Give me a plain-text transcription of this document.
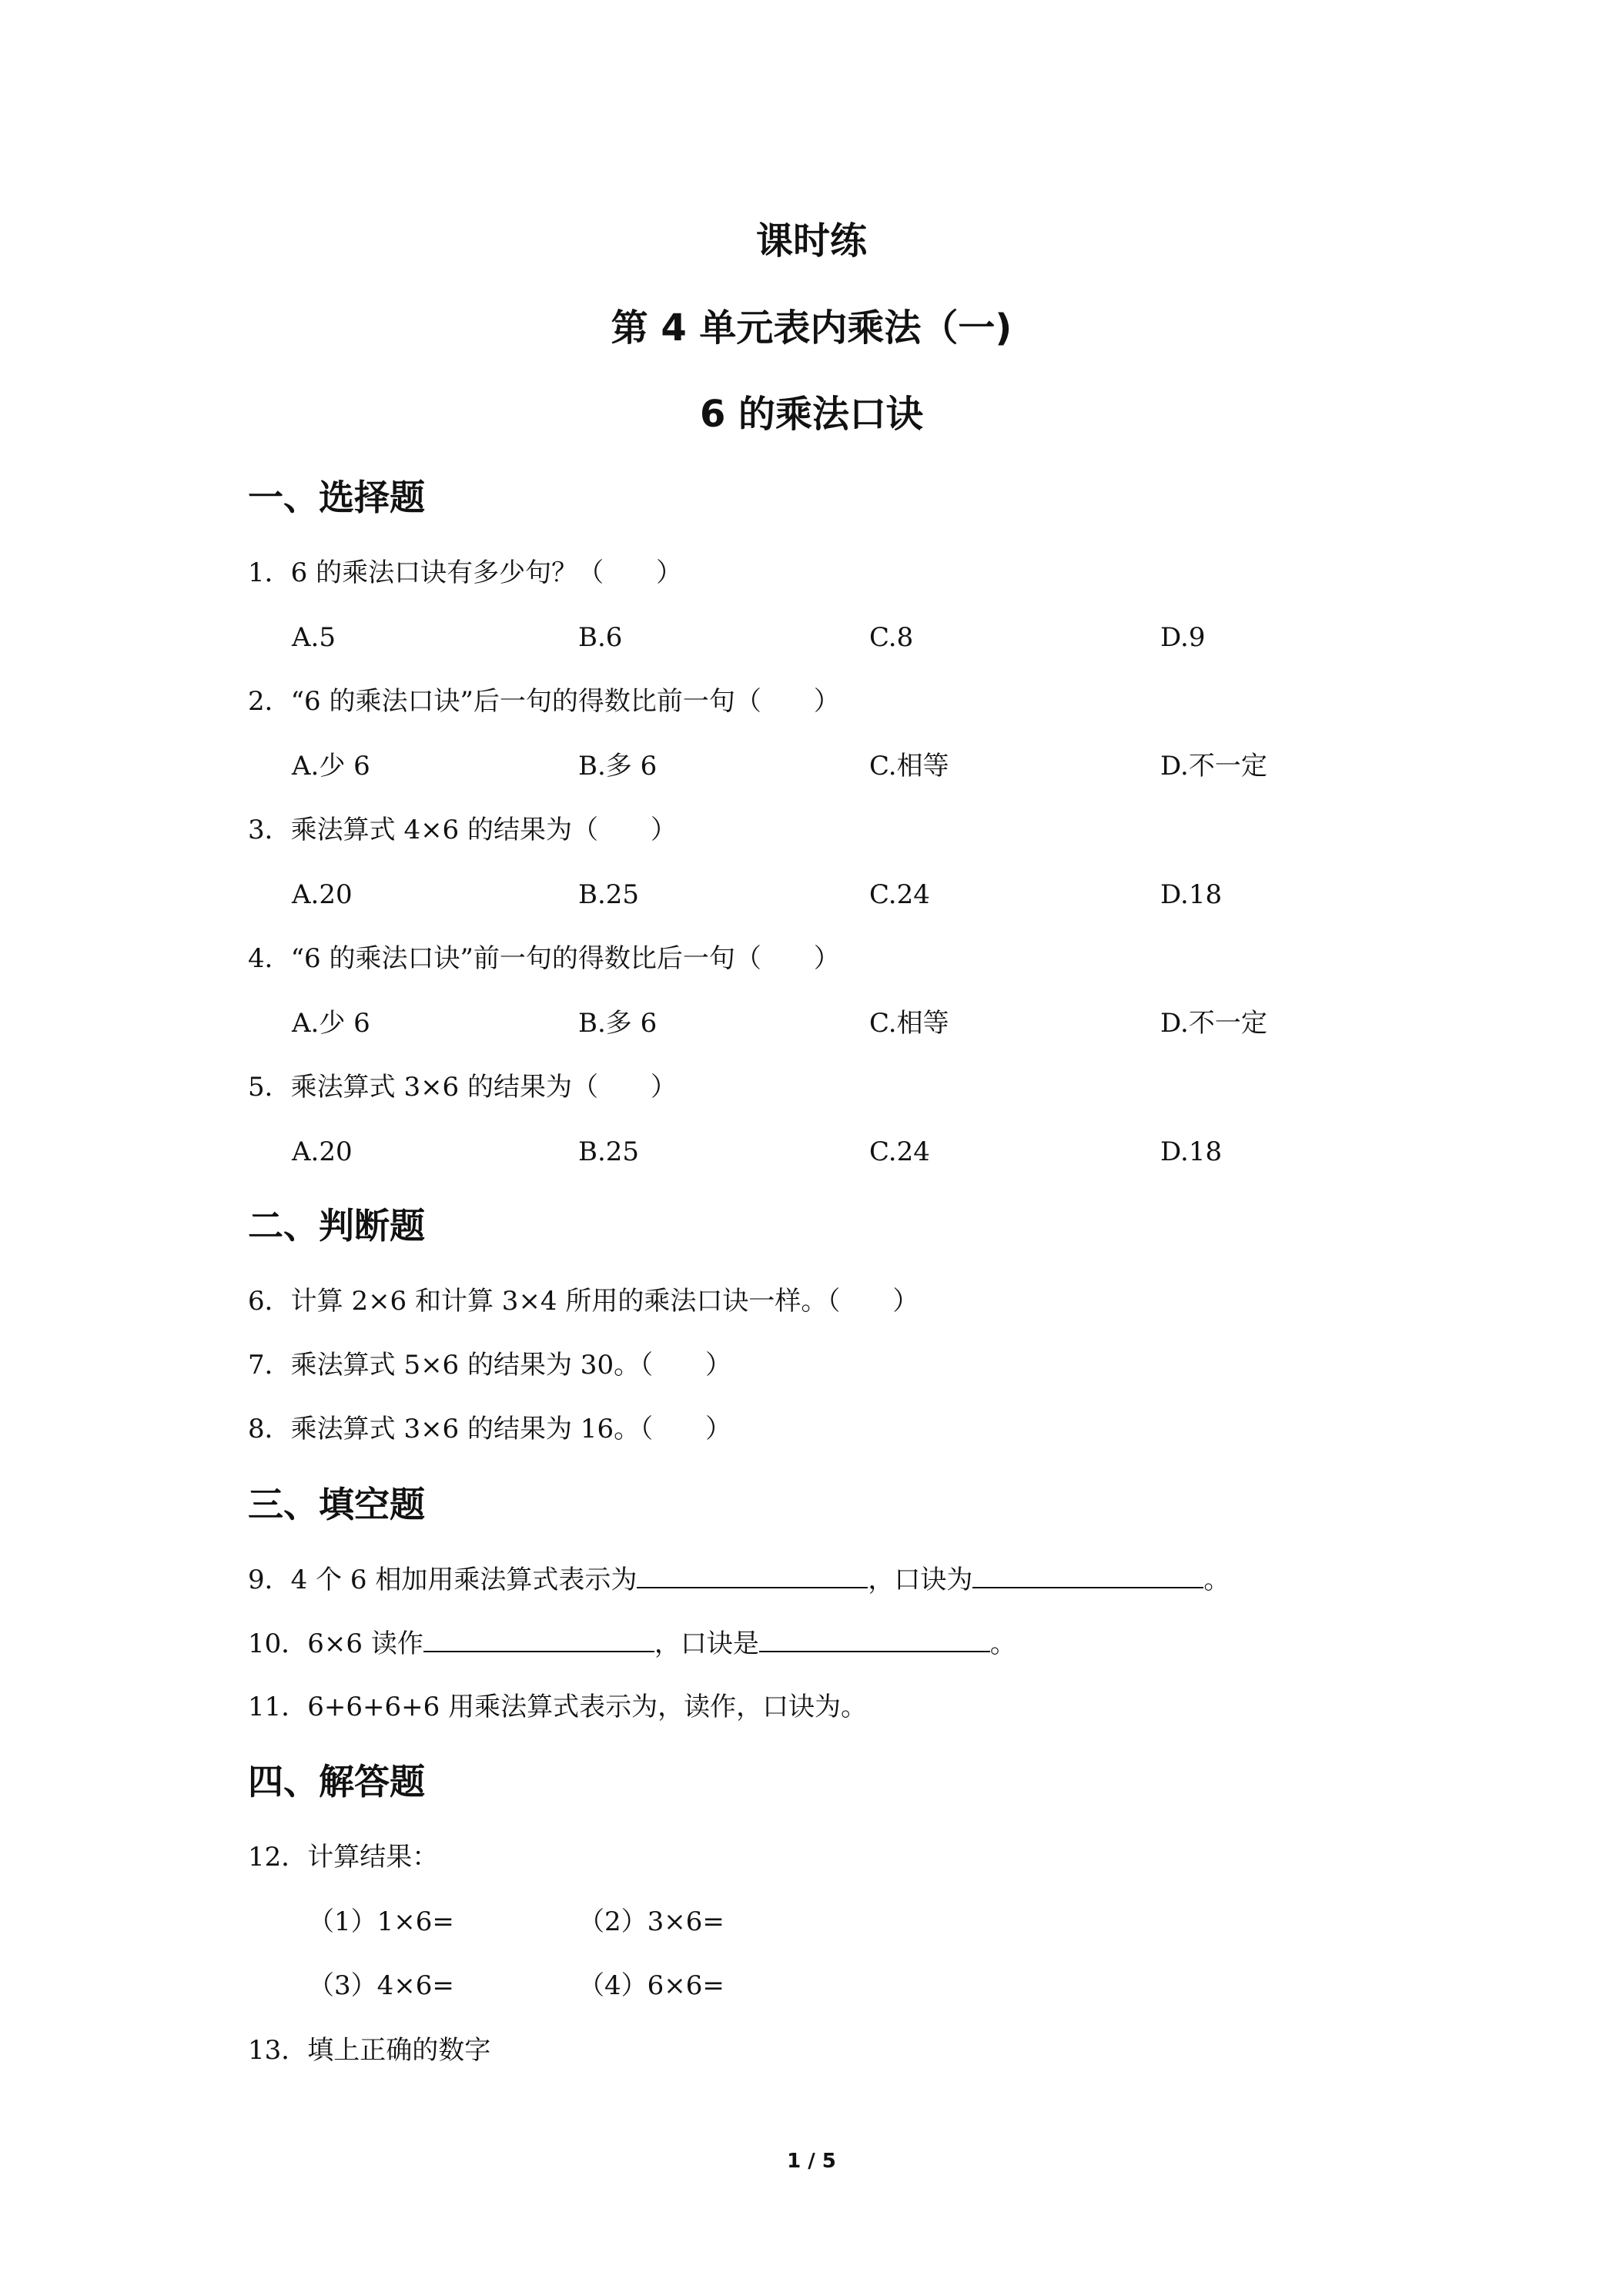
课时练
第 4 单元表内乘法（一)
6 的乘法口诀
一、选择题
1．6 的乘法口诀有多少句？（　　）
A.5	B.6	C.8	D.9
2．“6 的乘法口诀”后一句的得数比前一句（　　）
A.少 6	B.多 6	C.相等	D.不一定
3．乘法算式 4×6 的结果为（　　）
A.20	B.25	C.24	D.18
4．“6 的乘法口诀”前一句的得数比后一句（　　）
A.少 6	B.多 6	C.相等	D.不一定
5．乘法算式 3×6 的结果为（　　）
A.20	B.25	C.24	D.18
二、判断题
6．计算 2×6 和计算 3×4 所用的乘法口诀一样。（　　）
7．乘法算式 5×6 的结果为 30。（　　）
8．乘法算式 3×6 的结果为 16。（　　）
三、填空题
9．4 个 6 相加用乘法算式表示为	，口诀为	。
10．6×6 读作	，口诀是	。
11．6+6+6+6 用乘法算式表示为，读作，口诀为。
四、解答题
12．计算结果：
（1）1×6=	（2）3×6=
（3）4×6=	（4）6×6=
13．填上正确的数字
1 / 5
